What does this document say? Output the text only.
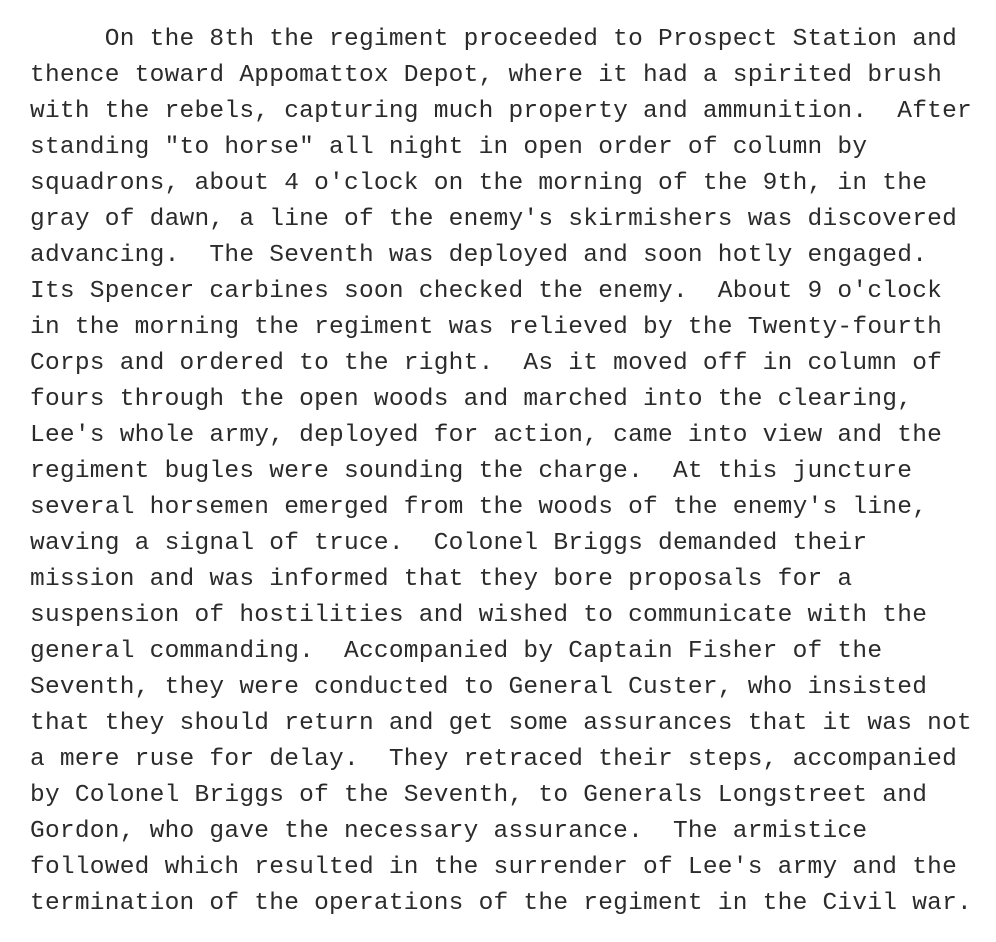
On the 8th the regiment proceeded to Prospect Station and
thence toward Appomattox Depot, where it had a spirited brush
with the rebels, capturing much property and ammunition.  After
standing "to horse" all night in open order of column by
squadrons, about 4 o'clock on the morning of the 9th, in the
gray of dawn, a line of the enemy's skirmishers was discovered
advancing.  The Seventh was deployed and soon hotly engaged.
Its Spencer carbines soon checked the enemy.  About 9 o'clock
in the morning the regiment was relieved by the Twenty-fourth
Corps and ordered to the right.  As it moved off in column of
fours through the open woods and marched into the clearing,
Lee's whole army, deployed for action, came into view and the
regiment bugles were sounding the charge.  At this juncture
several horsemen emerged from the woods of the enemy's line,
waving a signal of truce.  Colonel Briggs demanded their
mission and was informed that they bore proposals for a
suspension of hostilities and wished to communicate with the
general commanding.  Accompanied by Captain Fisher of the
Seventh, they were conducted to General Custer, who insisted
that they should return and get some assurances that it was not
a mere ruse for delay.  They retraced their steps, accompanied
by Colonel Briggs of the Seventh, to Generals Longstreet and
Gordon, who gave the necessary assurance.  The armistice
followed which resulted in the surrender of Lee's army and the
termination of the operations of the regiment in the Civil war.
